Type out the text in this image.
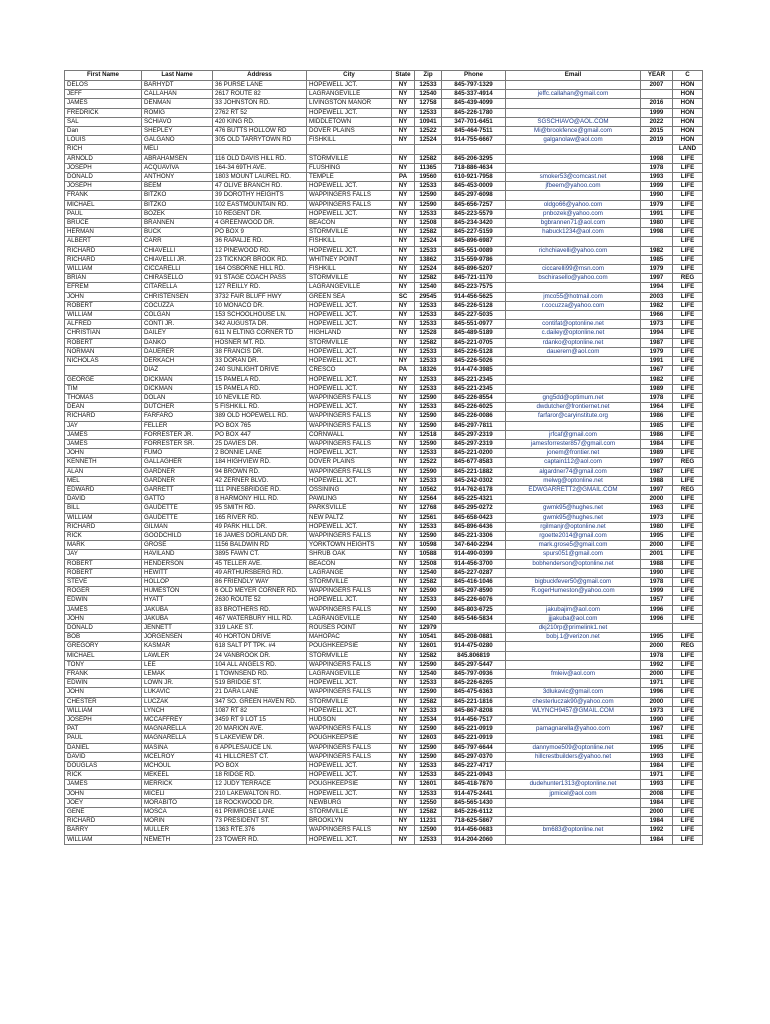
First Name	Last Name	Address	City	State	Zip	Phone	Email	YEAR	C
DELOS	BARHYDT	36 PURSE LANE	HOPEWELL JCT.	NY	12533	845-797-1329		2007	HON
JEFF	CALLAHAN	2617 ROUTE 82	LAGRANGEVILLE	NY	12540	845-337-4914	jeffc.callahan@gmail.com		HON
JAMES	DENMAN	33 JOHNSTON RD.	LIVINGSTON MANOR	NY	12758	845-439-4099		2016	HON
FREDRICK	ROMIG	2762 RT 52	HOPEWELL JCT.	NY	12533	845-226-1780		1999	HON
SAL	SCHIAVO	420 KING RD.	MIDDLETOWN	NY	10941	347-701-6451	SGSCHIAVO@AOL.COM	2022	HON
Dan	SHEPLEY	476 BUTTS HOLLOW RD	DOVER PLAINS	NY	12522	845-464-7511	Mi@brookfence@gmail.com	2015	HON
LOUIS	GALGANO	305 OLD TARRYTOWN RD	FISHKILL	NY	12524	914-755-6667	galganolaw@aol.com	2019	HON
RICH	MELI								LAND
ARNOLD	ABRAHAMSEN	116 OLD DAVIS HILL RD.	STORMVILLE	NY	12582	845-206-3295		1998	LIFE
JOSEPH	ACQUAVIVA	164-34 69TH AVE.	FLUSHING	NY	11365	718-886-4634		1978	LIFE
DONALD	ANTHONY	1803 MOUNT LAUREL RD.	TEMPLE	PA	19560	610-921-7958	smoker53@comcast.net	1993	LIFE
JOSEPH	BEEM	47 OLIVE BRANCH RD.	HOPEWELL JCT.	NY	12533	845-453-0009	jfbeem@yahoo.com	1999	LIFE
FRANK	BITZKO	39 DOROTHY HEIGHTS	WAPPINGERS FALLS	NY	12590	845-297-6098		1990	LIFE
MICHAEL	BITZKO	102 EASTMOUNTAIN RD.	WAPPINGERS FALLS	NY	12590	845-656-7257	oldgo66@yahoo.com	1979	LIFE
PAUL	BOZEK	10 REGENT DR.	HOPEWELL JCT.	NY	12533	845-223-5579	pnbozek@yahoo.com	1991	LIFE
BRUCE	BRANNEN	4 GREENWOOD DR.	BEACON	NY	12508	845-234-3420	bgbrannen71@aol.com	1980	LIFE
HERMAN	BUCK	PO BOX 9	STORMVILLE	NY	12582	845-227-5159	habuck1234@aol.com	1998	LIFE
ALBERT	CARR	36 RAPALJE RD.	FISHKILL	NY	12524	845-896-6987			LIFE
RICHARD	CHIAVELLI	12 PINEWOOD RD.	HOPEWELL JCT.	NY	12533	845-551-0089	richchiavelli@yahoo.com	1982	LIFE
RICHARD	CHIAVELLI JR.	23 TICKNOR BROOK RD.	WHITNEY POINT	NY	13862	315-559-9786		1985	LIFE
WILLIAM	CICCARELLI	164 OSBORNE HILL RD.	FISHKILL	NY	12524	845-896-5207	ciccarelli99@msn.com	1979	LIFE
BRIAN	CHIRASELLO	91 STAGE COACH PASS	STORMVILLE	NY	12582	845-721-1170	bschirasello@yahoo.com	1997	REG
EFREM	CITARELLA	127 REILLY RD.	LAGRANGEVILLE	NY	12540	845-223-7575		1994	LIFE
JOHN	CHRISTENSEN	3732 FAIR BLUFF HWY	GREEN SEA	SC	29545	914-456-5625	jmco55@hotmail.com	2003	LIFE
ROBERT	COCUZZA	10 MONACO DR.	HOPEWELL JCT.	NY	12533	845-226-5128	r.cocuzza@yahoo.com	1982	LIFE
WILLIAM	COLGAN	153 SCHOOLHOUSE LN.	HOPEWELL JCT.	NY	12533	845-227-5035		1966	LIFE
ALFRED	CONTI JR.	342 AUGUSTA DR.	HOPEWELL JCT.	NY	12533	845-551-0977	contifat@optonline.net	1973	LIFE
CHRISTIAN	DAILEY	611 N ELTING CORNER TD	HIGHLAND	NY	12528	845-489-5189	c.dailey@optonline.net	1994	LIFE
ROBERT	DANKO	HOSNER MT. RD.	STORMVILLE	NY	12582	845-221-0705	rdanko@optonline.net	1987	LIFE
NORMAN	DAUERER	38 FRANCIS DR.	HOPEWELL JCT.	NY	12533	845-226-5128	dauerern@aol.com	1979	LIFE
NICHOLAS	DERKACH	33 DORAN DR.	HOPEWELL JCT.	NY	12533	845-226-5026		1991	LIFE
	DIAZ	240 SUNLIGHT DRIVE	CRESCO	PA	18326	914-474-3985		1967	LIFE
GEORGE	DICKMAN	15 PAMELA RD.	HOPEWELL JCT.	NY	12533	845-221-2345		1982	LIFE
TIM	DICKMAN	15 PAMELA RD.	HOPEWELL JCT.	NY	12533	845-221-2345		1989	LIFE
THOMAS	DOLAN	10 NEVILLE RD.	WAPPINGERS FALLS	NY	12590	845-226-8554	gng5dd@optimum.net	1978	LIFE
DEAN	DUTCHER	5 FISHKILL RD.	HOPEWELL JCT.	NY	12533	845-226-6025	dwdutcher@frontiernet.net	1964	LIFE
RICHARD	FARFARO	389 OLD HOPEWELL RD.	WAPPINGERS FALLS	NY	12590	845-226-0086	farfaror@caryinstitute.org	1986	LIFE
JAY	FELLER	PO BOX 765	WAPPINGERS FALLS	NY	12590	845-297-7811		1985	LIFE
JAMES	FORRESTER JR.	PO BOX 447	CORNWALL	NY	12518	845-297-2319	jrfcaf@gmail.com	1986	LIFE
JAMES	FORRESTER SR.	25 DAVIES DR.	WAPPINGERS FALLS	NY	12590	845-297-2319	jamesforrester857@gmail.com	1984	LIFE
JOHN	FUMO	2 BONNIE LANE	HOPEWELL JCT.	NY	12533	845-221-0200	jonem@frontier.net	1989	LIFE
KENNETH	GALLAGHER	184 HIGHVIEW RD.	DOVER PLAINS	NY	12522	845-677-8583	captain112@aol.com	1997	REG
ALAN	GARDNER	94 BROWN RD.	WAPPINGERS FALLS	NY	12590	845-221-1882	algardner74@gmail.com	1987	LIFE
MEL	GARDNER	42 ZERNER BLVD.	HOPEWELL JCT.	NY	12533	845-242-0302	melwg@optonline.net	1988	LIFE
EDWARD	GARRETT	111 PINESBRIDGE RD.	OSSINING	NY	10562	914-762-6178	EDWGARRETT2@GMAIL.COM	1997	REG
DAVID	GATTO	8 HARMONY HILL RD.	PAWLING	NY	12564	845-225-4321		2000	LIFE
BILL	GAUDETTE	95 SMITH RD.	PARKSVILLE	NY	12768	845-295-0272	gwmk95@hughes.net	1963	LIFE
WILLIAM	GAUDETTE	165 RIVER RD.	NEW PALTZ	NY	12561	845-658-0423	gwmk95@hughes.net	1973	LIFE
RICHARD	GILMAN	49 PARK HILL DR.	HOPEWELL JCT.	NY	12533	845-896-6436	rgilmanjr@optonline.net	1980	LIFE
RICK	GOODCHILD	16 JAMES DORLAND DR.	WAPPINGERS FALLS	NY	12590	845-221-3306	rgoette2014@gmail.com	1995	LIFE
MARK	GROSE	1156 BALDWIN RD	YORKTOWN HEIGHTS	NY	10598	347-640-2294	mark.grose5@gmail.com	2000	LIFE
JAY	HAVILAND	3895 FAWN CT.	SHRUB OAK	NY	10588	914-490-0399	spurs051@gmail.com	2001	LIFE
ROBERT	HENDERSON	45 TELLER AVE.	BEACON	NY	12508	914-456-3700	bobhenderson@optonline.net	1988	LIFE
ROBERT	HEWITT	49 ARTHURSBERG RD.	LAGRANGE	NY	12540	845-227-0287		1990	LIFE
STEVE	HOLLOP	86 FRIENDLY WAY	STORMVILLE	NY	12582	845-416-1046	bigbuckfever50@gmail.com	1978	LIFE
ROGER	HUMESTON	6 OLD MEYER CORNER RD.	WAPPINGERS FALLS	NY	12590	845-297-8590	R.ogerHumeston@yahoo.com	1999	LIFE
EDWIN	HYATT	2630 ROUTE 52	HOPEWELL JCT.	NY	12533	845-226-6076		1957	LIFE
JAMES	JAKUBA	83 BROTHERS RD.	WAPPINGERS FALLS	NY	12590	845-803-6725	jakubajim@aol.com	1996	LIFE
JOHN	JAKUBA	467 WATERBURY HILL RD.	LAGRANGEVILLE	NY	12540	845-546-5834	jjjakuba@aol.com	1996	LIFE
DONALD	JENNETT	319 LAKE ST.	ROUSES POINT	NY	12979		dkj210rp@primelink1.net		
BOB	JORGENSEN	40 HORTON DRIVE	MAHOPAC	NY	10541	845-208-0881	bobj.1@verizon.net	1995	LIFE
GREGORY	KASMAR	618 SALT PT TPK. #4	POUGHKEEPSIE	NY	12601	914-475-0280		2000	REG
MICHAEL	LAWLER	24 VANBROOK DR.	STORMVILLE	NY	12582	845.806819		1978	LIFE
TONY	LEE	104 ALL ANGELS RD.	WAPPINGERS FALLS	NY	12590	845-297-5447		1992	LIFE
FRANK	LEMAK	1 TOWNSEND RD.	LAGRANGEVILLE	NY	12540	845-797-0936	fmleiv@aol.com	2000	LIFE
EDWIN	LOWN JR.	519 BRIDGE ST.	HOPEWELL JCT.	NY	12533	845-226-6265		1971	LIFE
JOHN	LUKAVIC	21 DARA LANE	WAPPINGERS FALLS	NY	12590	845-475-6363	3dlukavic@gmail.com	1996	LIFE
CHESTER	LUCZAK	347 SO. GREEN HAVEN RD.	STORMVILLE	NY	12582	845-221-1816	chesterluczak90@yahoo.com	2000	LIFE
WILLIAM	LYNCH	1087 RT 82	HOPEWELL JCT.	NY	12533	845-867-8208	WLYNCH9457@GMAIL.COM	1973	LIFE
JOSEPH	MCCAFFREY	3459 RT 9 LOT 15	HUDSON	NY	12534	914-456-7517		1990	LIFE
PAT	MAGNARELLA	20 MARION AVE.	WAPPINGERS FALLS	NY	12590	845-221-0919	pamagnarella@yahoo.com	1967	LIFE
PAUL	MAGNARELLA	5 LAKEVIEW DR.	POUGHKEEPSIE	NY	12603	845-221-0919		1981	LIFE
DANIEL	MASINA	6 APPLESAUCE LN.	WAPPINGERS FALLS	NY	12590	845-797-6644	dannymoe509@optonline.net	1995	LIFE
DAVID	MCELROY	41 HILLCREST CT.	WAPPINGERS FALLS	NY	12590	845-297-0370	hillcrestbuilders@yahoo.net	1993	LIFE
DOUGLAS	MCHOUL	PO BOX	HOPEWELL JCT.	NY	12533	845-227-4717		1984	LIFE
RICK	MEKEEL	18 RIDGE RD.	HOPEWELL JCT.	NY	12533	845-221-0943		1971	LIFE
JAMES	MERRICK	12 JUDY TERRACE	POUGHKEEPSIE	NY	12601	845-418-7870	dudehunter1313@optonline.net	1993	LIFE
JOHN	MICELI	210 LAKEWALTON RD.	HOPEWELL JCT.	NY	12533	914-475-2441	jpmicel@aol.com	2008	LIFE
JOEY	MORABITO	18 ROCKWOOD DR.	NEWBURG	NY	12550	845-565-1430		1984	LIFE
GENE	MOSCA	61 PRIMROSE LANE	STORMVILLE	NY	12582	845-226-6112		2000	LIFE
RICHARD	MORIN	73 PRESIDENT ST.	BROOKLYN	NY	11231	718-625-5867		1984	LIFE
BARRY	MULLER	1363 RTE.376	WAPPINGERS FALLS	NY	12590	914-456-0683	bm683@optonline.net	1992	LIFE
WILLIAM	NEMETH	23 TOWER RD.	HOPEWELL JCT.	NY	12533	914-204-2060		1984	LIFE
